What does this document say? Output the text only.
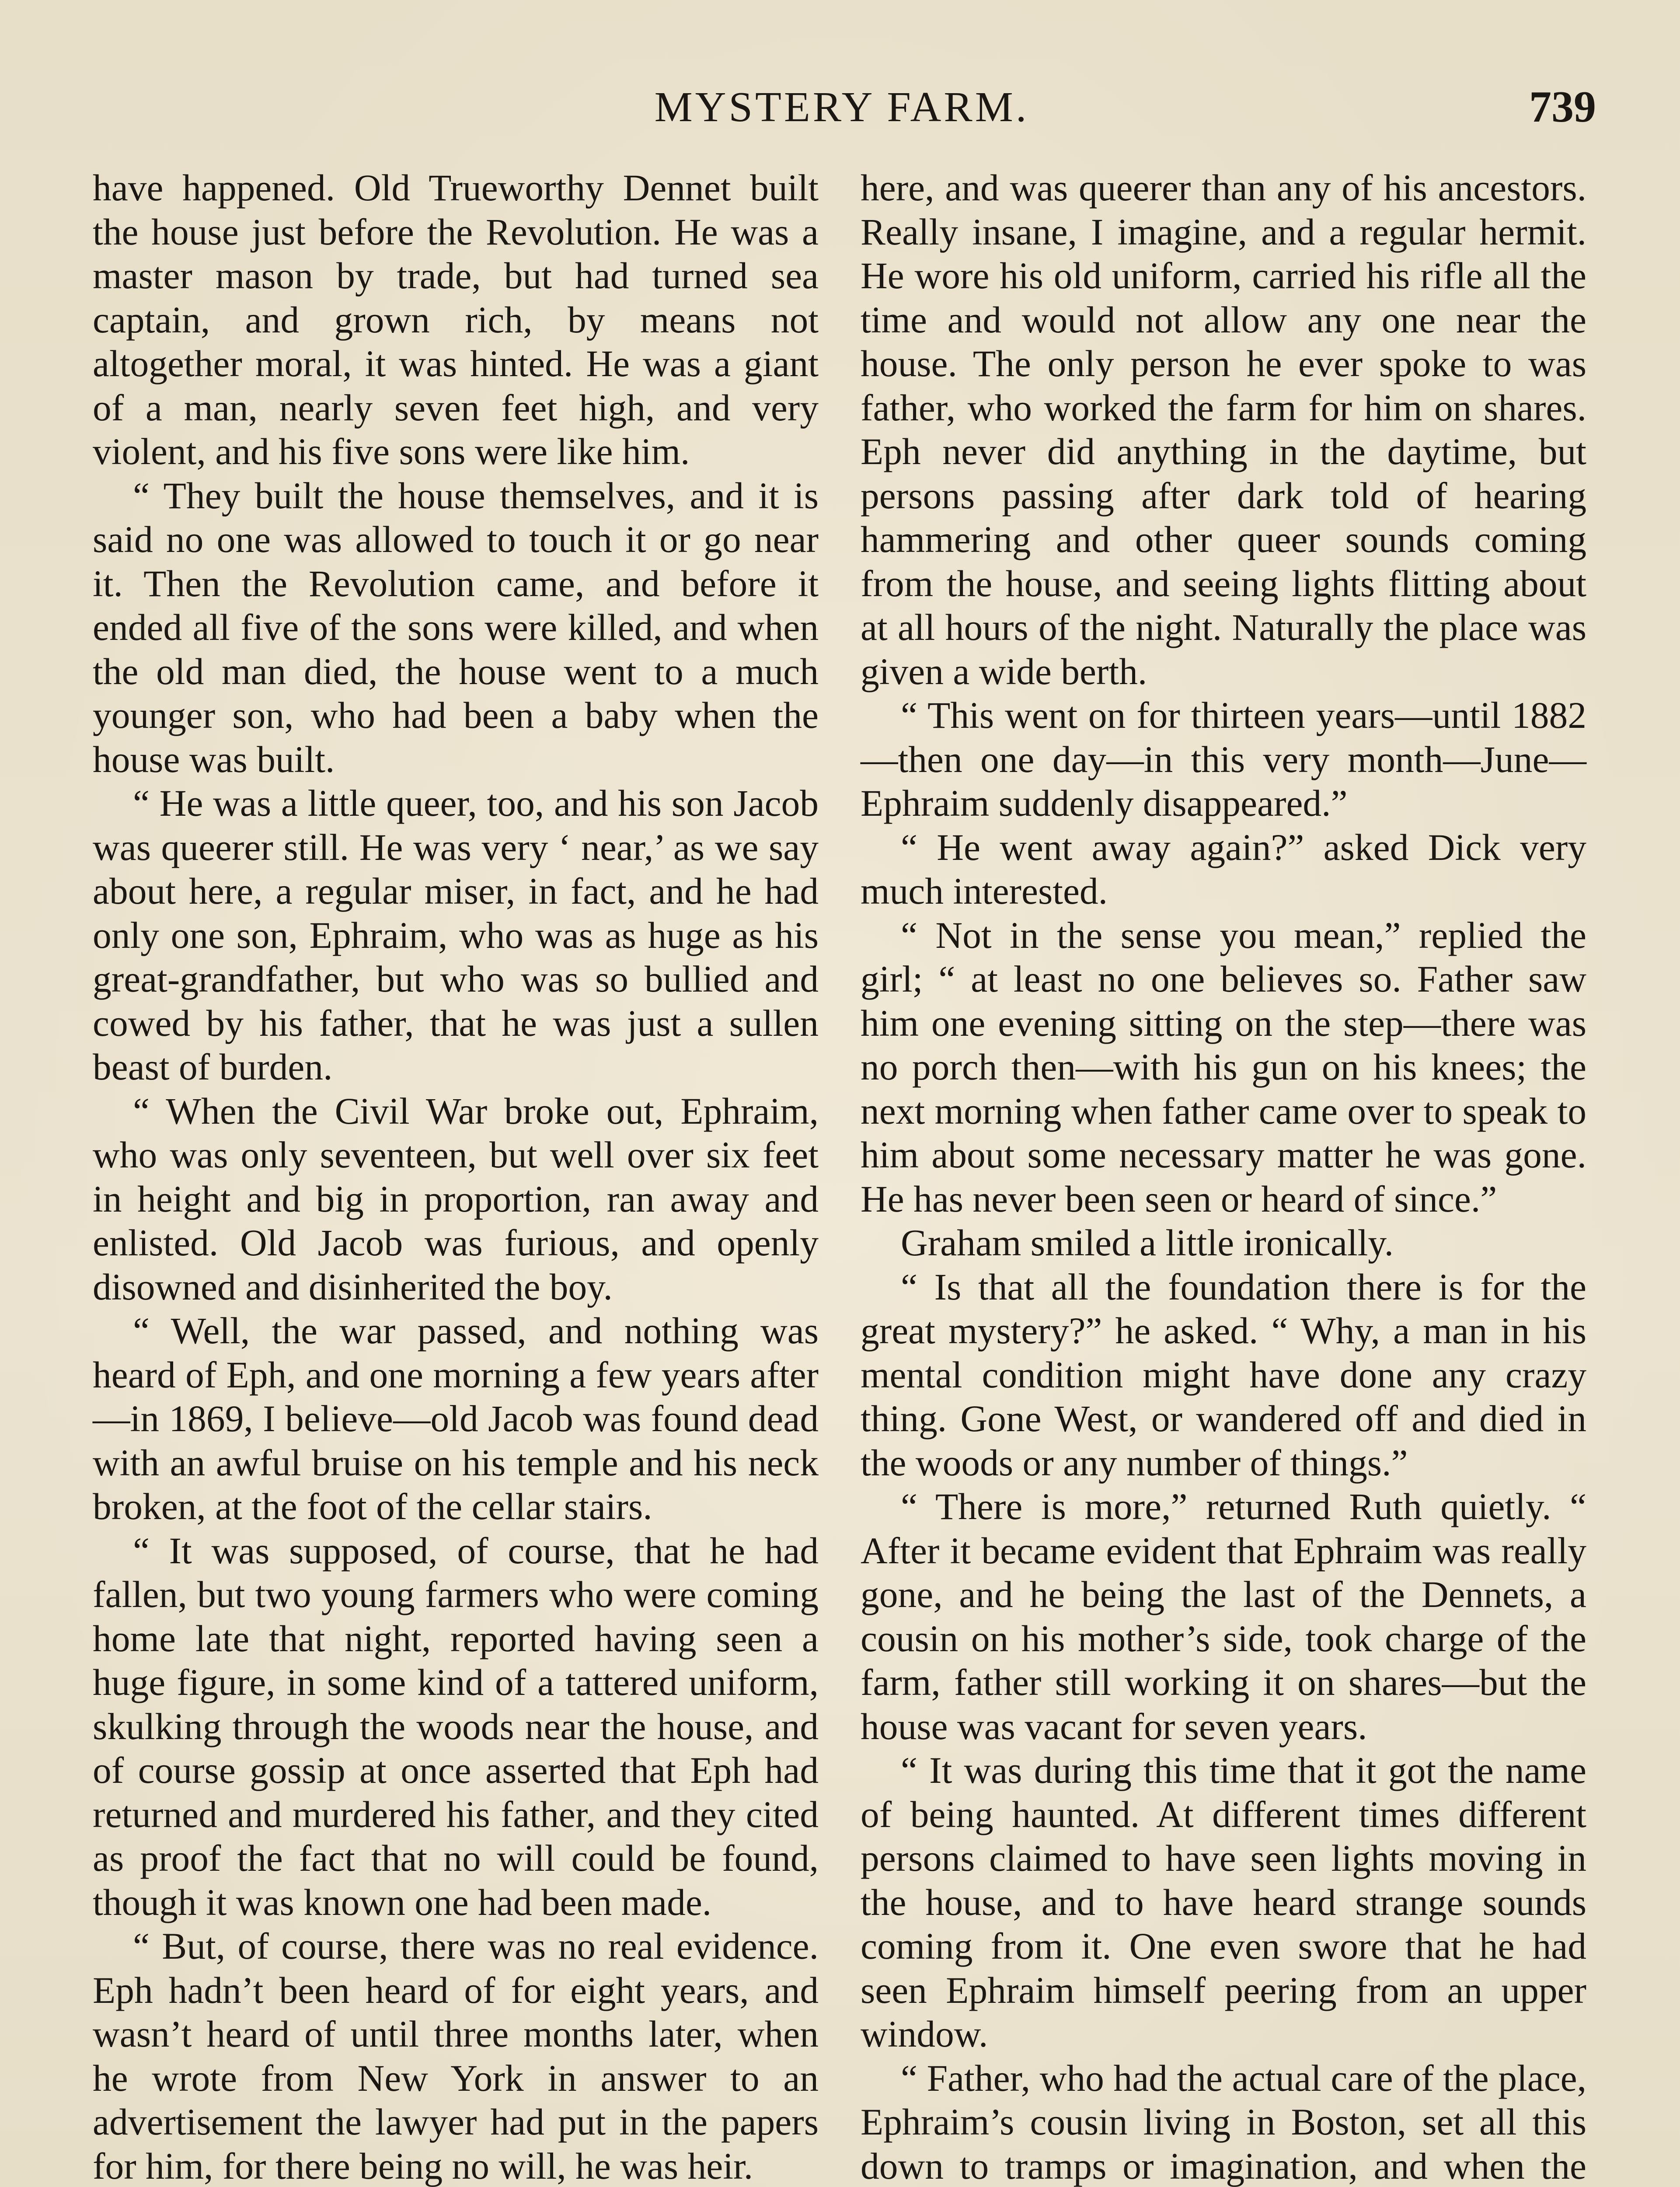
MYSTERY FARM.	739

have happened. Old Trueworthy Dennet built the house just before the Revolution. He was a master mason by trade, but had turned sea captain, and grown rich, by means not altogether moral, it was hinted. He was a giant of a man, nearly seven feet high, and very violent, and his five sons were like him.

“ They built the house themselves, and it is said no one was allowed to touch it or go near it. Then the Revolution came, and before it ended all five of the sons were killed, and when the old man died, the house went to a much younger son, who had been a baby when the house was built.

“ He was a little queer, too, and his son Jacob was queerer still. He was very ‘ near,’ as we say about here, a regular miser, in fact, and he had only one son, Ephraim, who was as huge as his great-grandfather, but who was so bullied and cowed by his father, that he was just a sullen beast of burden.

“ When the Civil War broke out, Ephraim, who was only seventeen, but well over six feet in height and big in proportion, ran away and enlisted. Old Jacob was furious, and openly disowned and disinherited the boy.

“ Well, the war passed, and nothing was heard of Eph, and one morning a few years after—in 1869, I believe—old Jacob was found dead with an awful bruise on his temple and his neck broken, at the foot of the cellar stairs.

“ It was supposed, of course, that he had fallen, but two young farmers who were coming home late that night, reported having seen a huge figure, in some kind of a tattered uniform, skulking through the woods near the house, and of course gossip at once asserted that Eph had returned and murdered his father, and they cited as proof the fact that no will could be found, though it was known one had been made.

“ But, of course, there was no real evidence. Eph hadn’t been heard of for eight years, and wasn’t heard of until three months later, when he wrote from New York in answer to an advertisement the lawyer had put in the papers for him, for there being no will, he was heir.

here, and was queerer than any of his ancestors. Really insane, I imagine, and a regular hermit. He wore his old uniform, carried his rifle all the time and would not allow any one near the house. The only person he ever spoke to was father, who worked the farm for him on shares. Eph never did anything in the daytime, but persons passing after dark told of hearing hammering and other queer sounds coming from the house, and seeing lights flitting about at all hours of the night. Naturally the place was given a wide berth.

“ This went on for thirteen years—until 1882—then one day—in this very month—June—Ephraim suddenly disappeared.”

“ He went away again?” asked Dick very much interested.

“ Not in the sense you mean,” replied the girl; “ at least no one believes so. Father saw him one evening sitting on the step—there was no porch then—with his gun on his knees; the next morning when father came over to speak to him about some necessary matter he was gone. He has never been seen or heard of since.”

Graham smiled a little ironically.

“ Is that all the foundation there is for the great mystery?” he asked. “ Why, a man in his mental condition might have done any crazy thing. Gone West, or wandered off and died in the woods or any number of things.”

“ There is more,” returned Ruth quietly. “ After it became evident that Ephraim was really gone, and he being the last of the Dennets, a cousin on his mother’s side, took charge of the farm, father still working it on shares—but the house was vacant for seven years.

“ It was during this time that it got the name of being haunted. At different times different persons claimed to have seen lights moving in the house, and to have heard strange sounds coming from it. One even swore that he had seen Ephraim himself peering from an upper window.

“ Father, who had the actual care of the place, Ephraim’s cousin living in Boston, set all this down to tramps or imagination, and when the
